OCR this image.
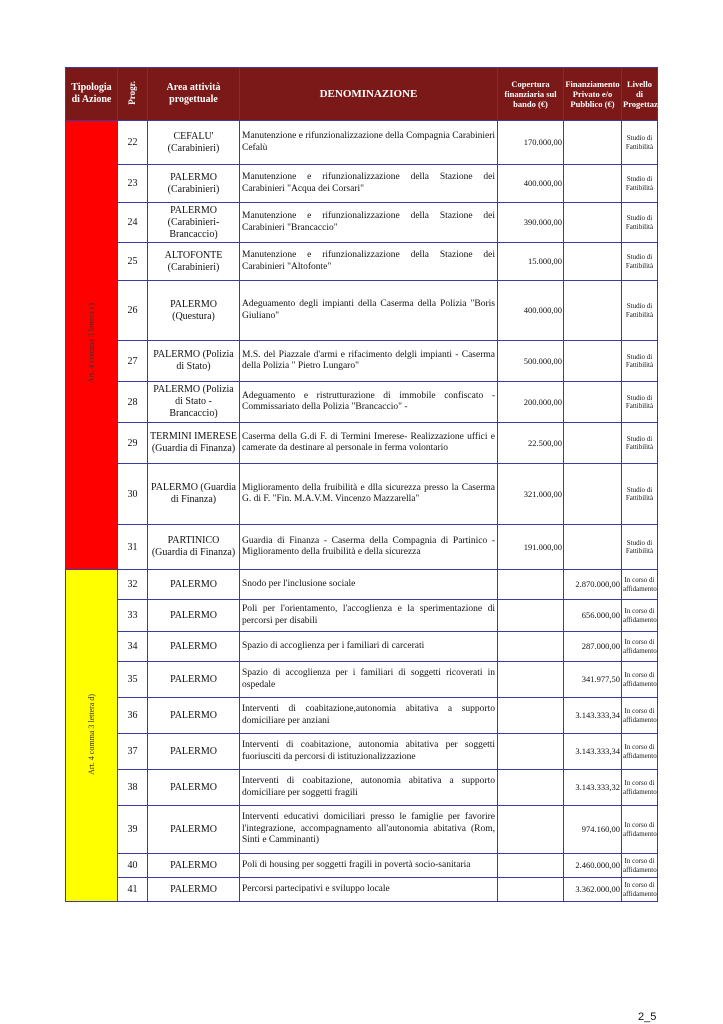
Tipologia di Azione	Progr.	Area attività progettuale	DENOMINAZIONE	Copertura finanziaria sul bando (€)	Finanziamento Privato e/o Pubblico (€)	Livello di Progettazione
Art. 4 comma 3 lettera c)	22	CEFALU' (Carabinieri)	Manutenzione e rifunzionalizzazione della Compagnia Carabinieri Cefalù	170.000,00		Studio di Fattibilità
	23	PALERMO (Carabinieri)	Manutenzione e rifunzionalizzazione della Stazione dei Carabinieri "Acqua dei Corsari"	400.000,00		Studio di Fattibilità
	24	PALERMO (Carabinieri-Brancaccio)	Manutenzione e rifunzionalizzazione della Stazione dei Carabinieri "Brancaccio"	390.000,00		Studio di Fattibilità
	25	ALTOFONTE (Carabinieri)	Manutenzione e rifunzionalizzazione della Stazione dei Carabinieri "Altofonte"	15.000,00		Studio di Fattibilità
	26	PALERMO (Questura)	Adeguamento degli impianti della Caserma della Polizia "Boris Giuliano"	400.000,00		Studio di Fattibilità
	27	PALERMO (Polizia di Stato)	M.S. del Piazzale d'armi e rifacimento delgli impianti - Caserma della Polizia " Pietro Lungaro"	500.000,00		Studio di Fattibilità
	28	PALERMO (Polizia di Stato - Brancaccio)	Adeguamento e ristrutturazione di immobile confiscato - Commissariato della Polizia "Brancaccio" -	200.000,00		Studio di Fattibilità
	29	TERMINI IMERESE (Guardia di Finanza)	Caserma della G.di F. di Termini Imerese- Realizzazione uffici e camerate da destinare al personale in ferma volontario	22.500,00		Studio di Fattibilità
	30	PALERMO (Guardia di Finanza)	Miglioramento della fruibilità e dlla sicurezza presso la Caserma G. di F. "Fin. M.A.V.M. Vincenzo Mazzarella"	321.000,00		Studio di Fattibilità
	31	PARTINICO (Guardia di Finanza)	Guardia di Finanza - Caserma della Compagnia di Partinico - Miglioramento della fruibilità e della sicurezza	191.000,00		Studio di Fattibilità
Art. 4 comma 3 lettera d)	32	PALERMO	Snodo per l'inclusione sociale		2.870.000,00	In corso di affidamento
	33	PALERMO	Poli per l'orientamento, l'accoglienza e la sperimentazione di percorsi per disabili		656.000,00	In corso di affidamento
	34	PALERMO	Spazio di accoglienza per i familiari di carcerati		287.000,00	In corso di affidamento
	35	PALERMO	Spazio di accoglienza per i familiari di soggetti ricoverati in ospedale		341.977,50	In corso di affidamento
	36	PALERMO	Interventi di coabitazione,autonomia abitativa a supporto domiciliare per anziani		3.143.333,34	In corso di affidamento
	37	PALERMO	Interventi di coabitazione, autonomia abitativa per soggetti fuoriusciti da percorsi di istituzionalizzazione		3.143.333,34	In corso di affidamento
	38	PALERMO	Interventi di coabitazione, autonomia abitativa a supporto domiciliare per soggetti fragili		3.143.333,32	In corso di affidamento
	39	PALERMO	Interventi educativi domiciliari presso le famiglie per favorire l'integrazione, accompagnamento all'autonomia abitativa (Rom, Sinti e Camminanti)		974.160,00	In corso di affidamento
	40	PALERMO	Poli di housing per soggetti fragili in povertà socio-sanitaria		2.460.000,00	In corso di affidamento
	41	PALERMO	Percorsi partecipativi e sviluppo locale		3.362.000,00	In corso di affidamento
2_5
